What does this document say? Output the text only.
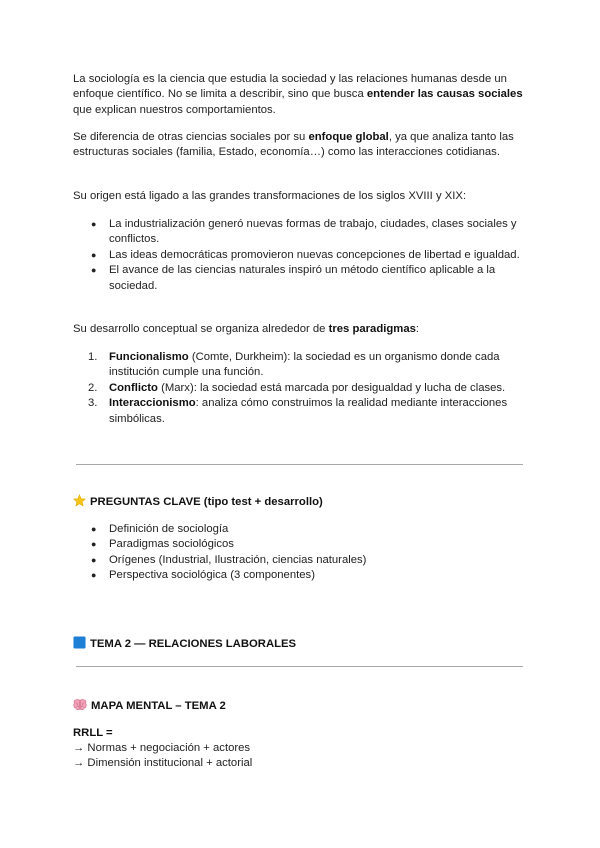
La sociología es la ciencia que estudia la sociedad y las relaciones humanas desde un enfoque científico. No se limita a describir, sino que busca entender las causas sociales que explican nuestros comportamientos.

Se diferencia de otras ciencias sociales por su enfoque global, ya que analiza tanto las estructuras sociales (familia, Estado, economía…) como las interacciones cotidianas.

Su origen está ligado a las grandes transformaciones de los siglos XVIII y XIX:

● La industrialización generó nuevas formas de trabajo, ciudades, clases sociales y conflictos.
● Las ideas democráticas promovieron nuevas concepciones de libertad e igualdad.
● El avance de las ciencias naturales inspiró un método científico aplicable a la sociedad.

Su desarrollo conceptual se organiza alrededor de tres paradigmas:

1. Funcionalismo (Comte, Durkheim): la sociedad es un organismo donde cada institución cumple una función.
2. Conflicto (Marx): la sociedad está marcada por desigualdad y lucha de clases.
3. Interaccionismo: analiza cómo construimos la realidad mediante interacciones simbólicas.
PREGUNTAS CLAVE (tipo test + desarrollo)
● Definición de sociología
● Paradigmas sociológicos
● Orígenes (Industrial, Ilustración, ciencias naturales)
● Perspectiva sociológica (3 componentes)
TEMA 2 — RELACIONES LABORALES
MAPA MENTAL – TEMA 2
RRLL =
→ Normas + negociación + actores
→ Dimensión institucional + actorial
